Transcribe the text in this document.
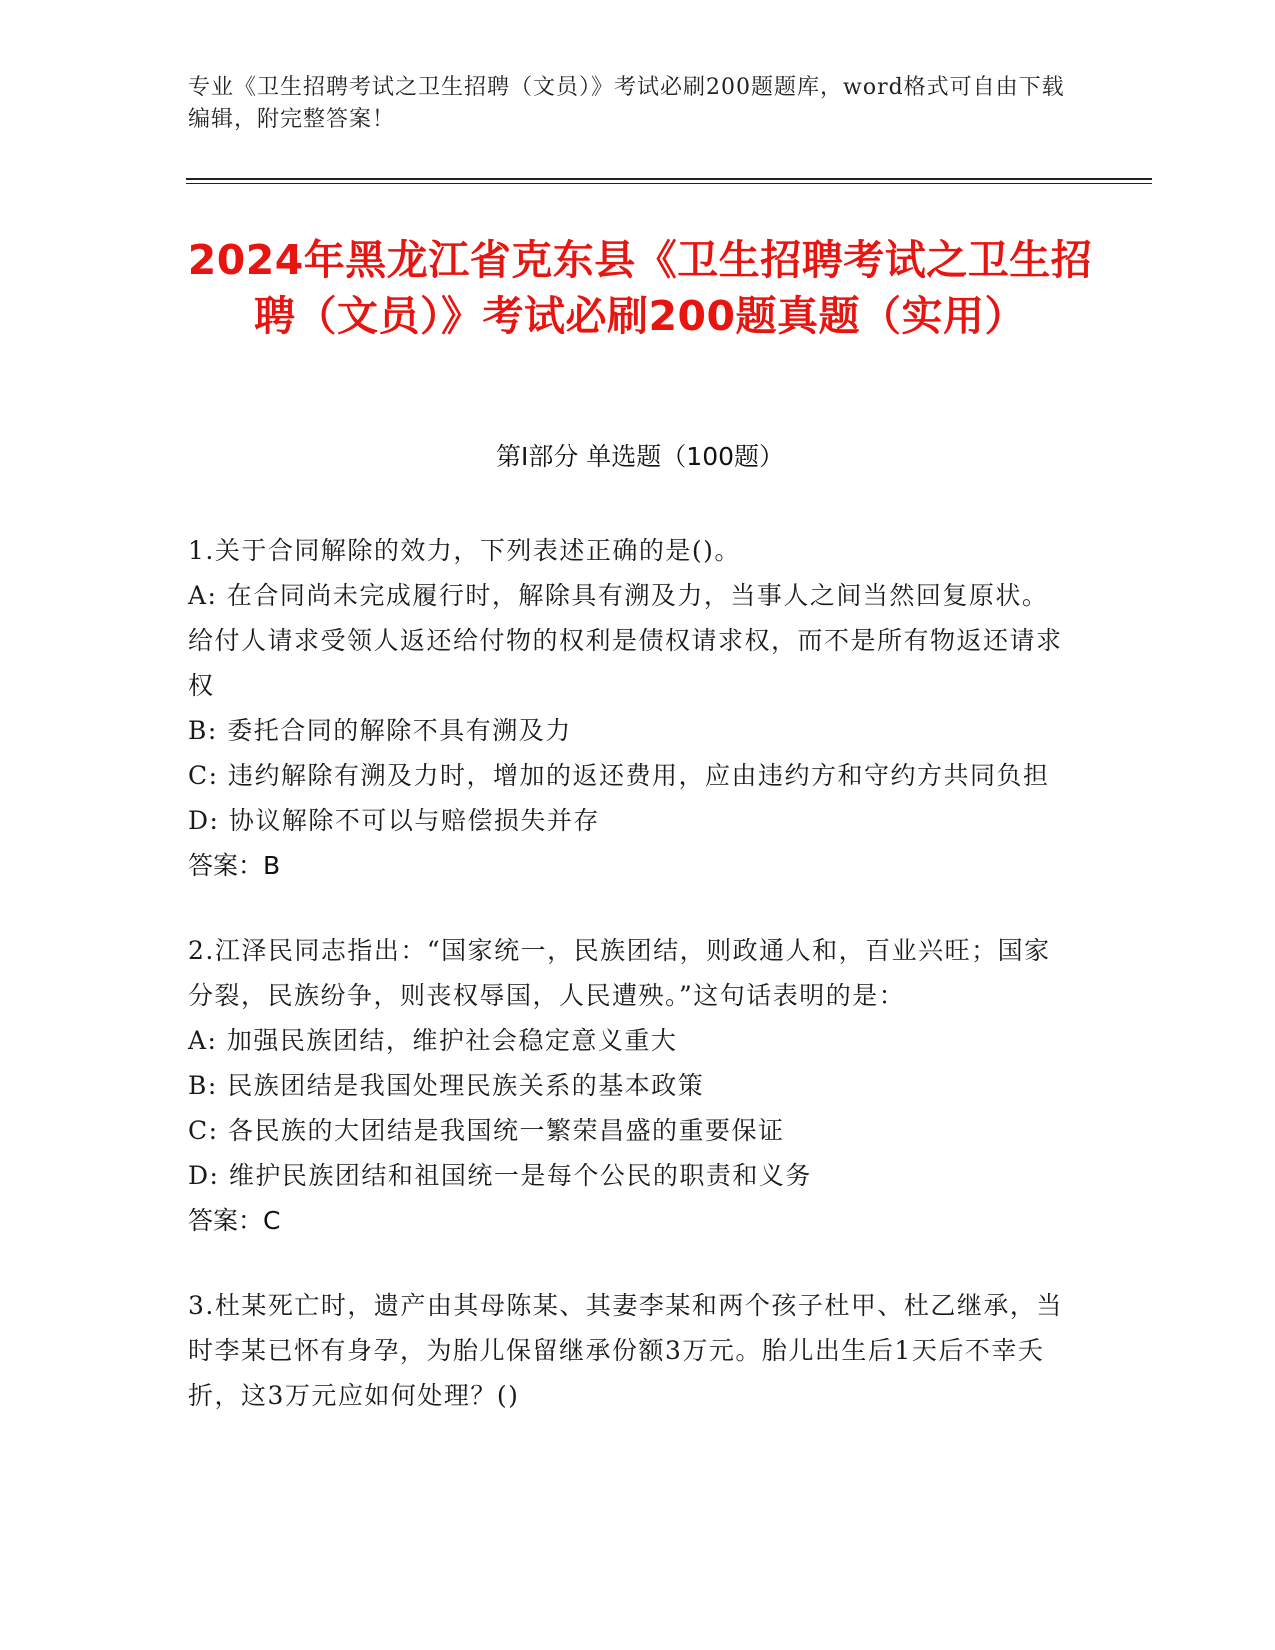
专业《卫生招聘考试之卫生招聘（文员）》考试必刷200题题库，word格式可自由下载编辑，附完整答案！
2024年黑龙江省克东县《卫生招聘考试之卫生招聘（文员）》考试必刷200题真题（实用）
第I部分 单选题（100题）

1.关于合同解除的效力，下列表述正确的是()。

A: 在合同尚未完成履行时，解除具有溯及力，当事人之间当然回复原状。给付人请求受领人返还给付物的权利是债权请求权，而不是所有物返还请求权

B: 委托合同的解除不具有溯及力

C: 违约解除有溯及力时，增加的返还费用，应由违约方和守约方共同负担

D: 协议解除不可以与赔偿损失并存

答案：B

2.江泽民同志指出：“国家统一，民族团结，则政通人和，百业兴旺；国家分裂，民族纷争，则丧权辱国，人民遭殃。”这句话表明的是：

A: 加强民族团结，维护社会稳定意义重大

B: 民族团结是我国处理民族关系的基本政策

C: 各民族的大团结是我国统一繁荣昌盛的重要保证

D: 维护民族团结和祖国统一是每个公民的职责和义务

答案：C

3.杜某死亡时，遗产由其母陈某、其妻李某和两个孩子杜甲、杜乙继承，当时李某已怀有身孕，为胎儿保留继承份额3万元。胎儿出生后1天后不幸夭折，这3万元应如何处理？()
